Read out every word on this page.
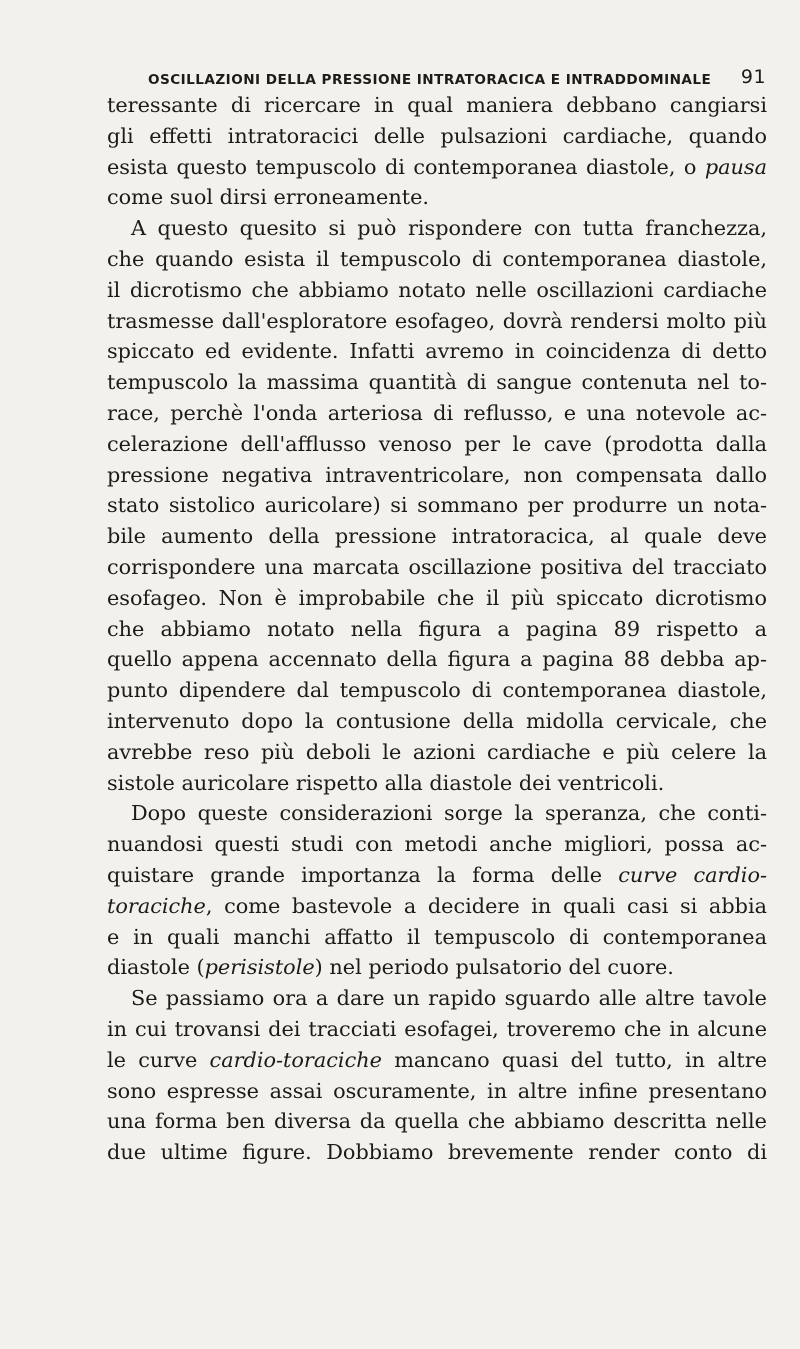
OSCILLAZIONI DELLA PRESSIONE INTRATORACICA E INTRADDOMINALE 91
teressante di ricercare in qual maniera debbano cangiarsi
gli effetti intratoracici delle pulsazioni cardiache, quando
esista questo tempuscolo di contemporanea diastole, o pausa
come suol dirsi erroneamente.
A questo quesito si può rispondere con tutta franchezza,
che quando esista il tempuscolo di contemporanea diastole,
il dicrotismo che abbiamo notato nelle oscillazioni cardiache
trasmesse dall'esploratore esofageo, dovrà rendersi molto più
spiccato ed evidente. Infatti avremo in coincidenza di detto
tempuscolo la massima quantità di sangue contenuta nel to-
race, perchè l'onda arteriosa di reflusso, e una notevole ac-
celerazione dell'afflusso venoso per le cave (prodotta dalla
pressione negativa intraventricolare, non compensata dallo
stato sistolico auricolare) si sommano per produrre un nota-
bile aumento della pressione intratoracica, al quale deve
corrispondere una marcata oscillazione positiva del tracciato
esofageo. Non è improbabile che il più spiccato dicrotismo
che abbiamo notato nella figura a pagina 89 rispetto a
quello appena accennato della figura a pagina 88 debba ap-
punto dipendere dal tempuscolo di contemporanea diastole,
intervenuto dopo la contusione della midolla cervicale, che
avrebbe reso più deboli le azioni cardiache e più celere la
sistole auricolare rispetto alla diastole dei ventricoli.
Dopo queste considerazioni sorge la speranza, che conti-
nuandosi questi studi con metodi anche migliori, possa ac-
quistare grande importanza la forma delle curve cardio-
toraciche, come bastevole a decidere in quali casi si abbia
e in quali manchi affatto il tempuscolo di contemporanea
diastole (perisistole) nel periodo pulsatorio del cuore.
Se passiamo ora a dare un rapido sguardo alle altre tavole
in cui trovansi dei tracciati esofagei, troveremo che in alcune
le curve cardio-toraciche mancano quasi del tutto, in altre
sono espresse assai oscuramente, in altre infine presentano
una forma ben diversa da quella che abbiamo descritta nelle
due ultime figure. Dobbiamo brevemente render conto di
